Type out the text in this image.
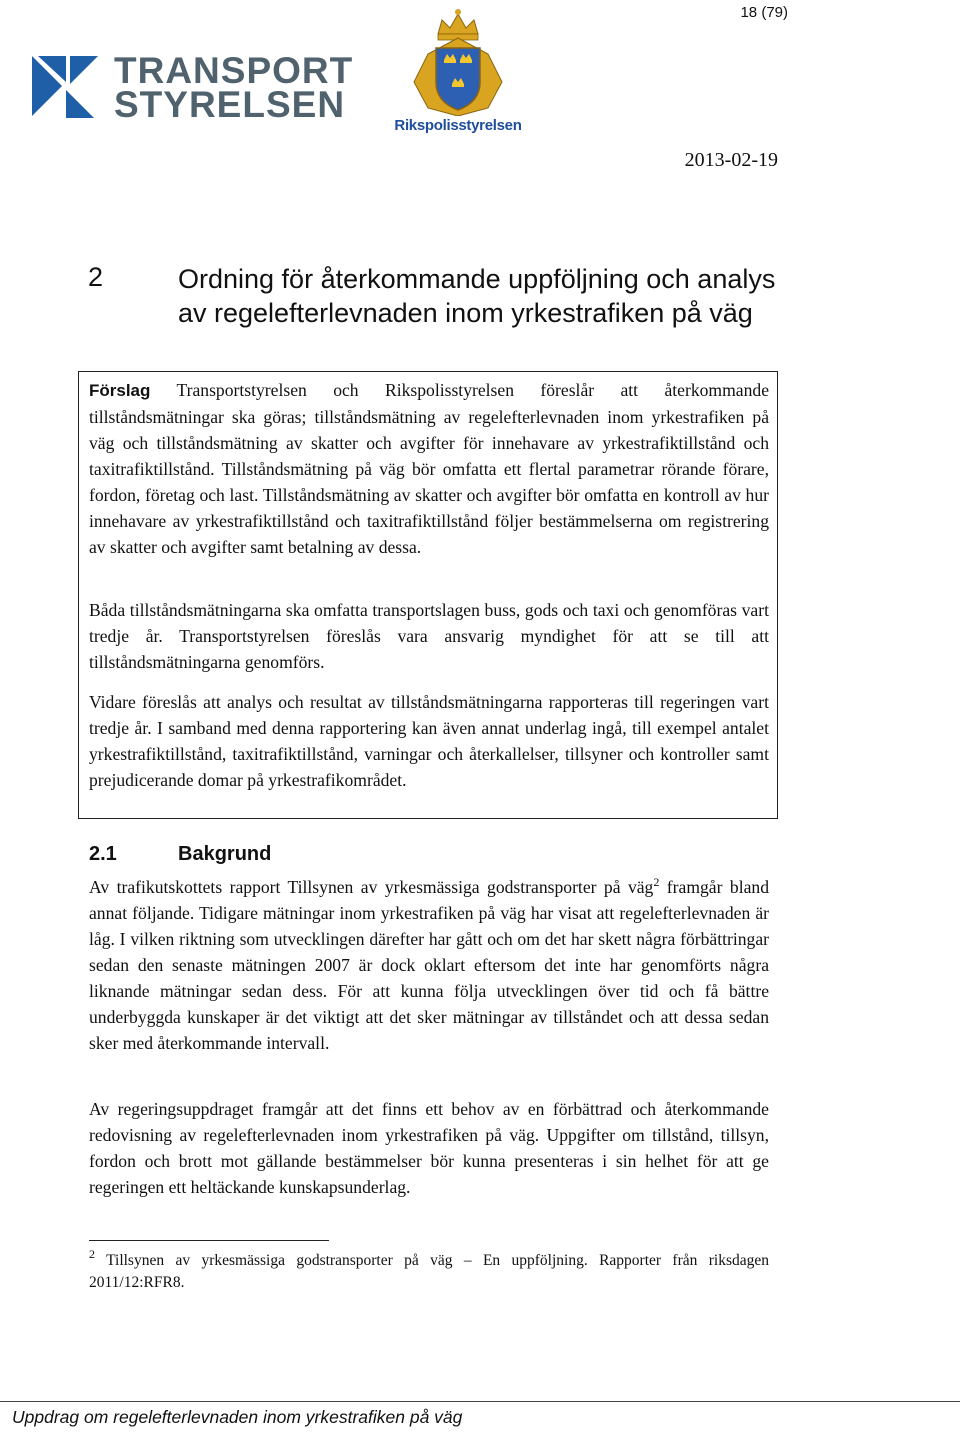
18 (79)
TRANSPORT
STYRELSEN
Rikspolisstyrelsen
2013-02-19
2	Ordning för återkommande uppföljning och analys av regelefterlevnaden inom yrkestrafiken på väg
Förslag Transportstyrelsen och Rikspolisstyrelsen föreslår att återkommande tillståndsmätningar ska göras; tillståndsmätning av regelefterlevnaden inom yrkestrafiken på väg och tillståndsmätning av skatter och avgifter för innehavare av yrkestrafiktillstånd och taxitrafiktillstånd. Tillståndsmätning på väg bör omfatta ett flertal parametrar rörande förare, fordon, företag och last. Tillståndsmätning av skatter och avgifter bör omfatta en kontroll av hur innehavare av yrkestrafiktillstånd och taxitrafiktillstånd följer bestämmelserna om registrering av skatter och avgifter samt betalning av dessa.
Båda tillståndsmätningarna ska omfatta transportslagen buss, gods och taxi och genomföras vart tredje år. Transportstyrelsen föreslås vara ansvarig myndighet för att se till att tillståndsmätningarna genomförs.
Vidare föreslås att analys och resultat av tillståndsmätningarna rapporteras till regeringen vart tredje år. I samband med denna rapportering kan även annat underlag ingå, till exempel antalet yrkestrafiktillstånd, taxitrafiktillstånd, varningar och återkallelser, tillsyner och kontroller samt prejudicerande domar på yrkestrafikområdet.
2.1	Bakgrund
Av trafikutskottets rapport Tillsynen av yrkesmässiga godstransporter på väg$^2$ framgår bland annat följande. Tidigare mätningar inom yrkestrafiken på väg har visat att regelefterlevnaden är låg. I vilken riktning som utvecklingen därefter har gått och om det har skett några förbättringar sedan den senaste mätningen 2007 är dock oklart eftersom det inte har genomförts några liknande mätningar sedan dess. För att kunna följa utvecklingen över tid och få bättre underbyggda kunskaper är det viktigt att det sker mätningar av tillståndet och att dessa sedan sker med återkommande intervall.
Av regeringsuppdraget framgår att det finns ett behov av en förbättrad och återkommande redovisning av regelefterlevnaden inom yrkestrafiken på väg. Uppgifter om tillstånd, tillsyn, fordon och brott mot gällande bestämmelser bör kunna presenteras i sin helhet för att ge regeringen ett heltäckande kunskapsunderlag.
$^2$ Tillsynen av yrkesmässiga godstransporter på väg – En uppföljning. Rapporter från riksdagen 2011/12:RFR8.
Uppdrag om regelefterlevnaden inom yrkestrafiken på väg
